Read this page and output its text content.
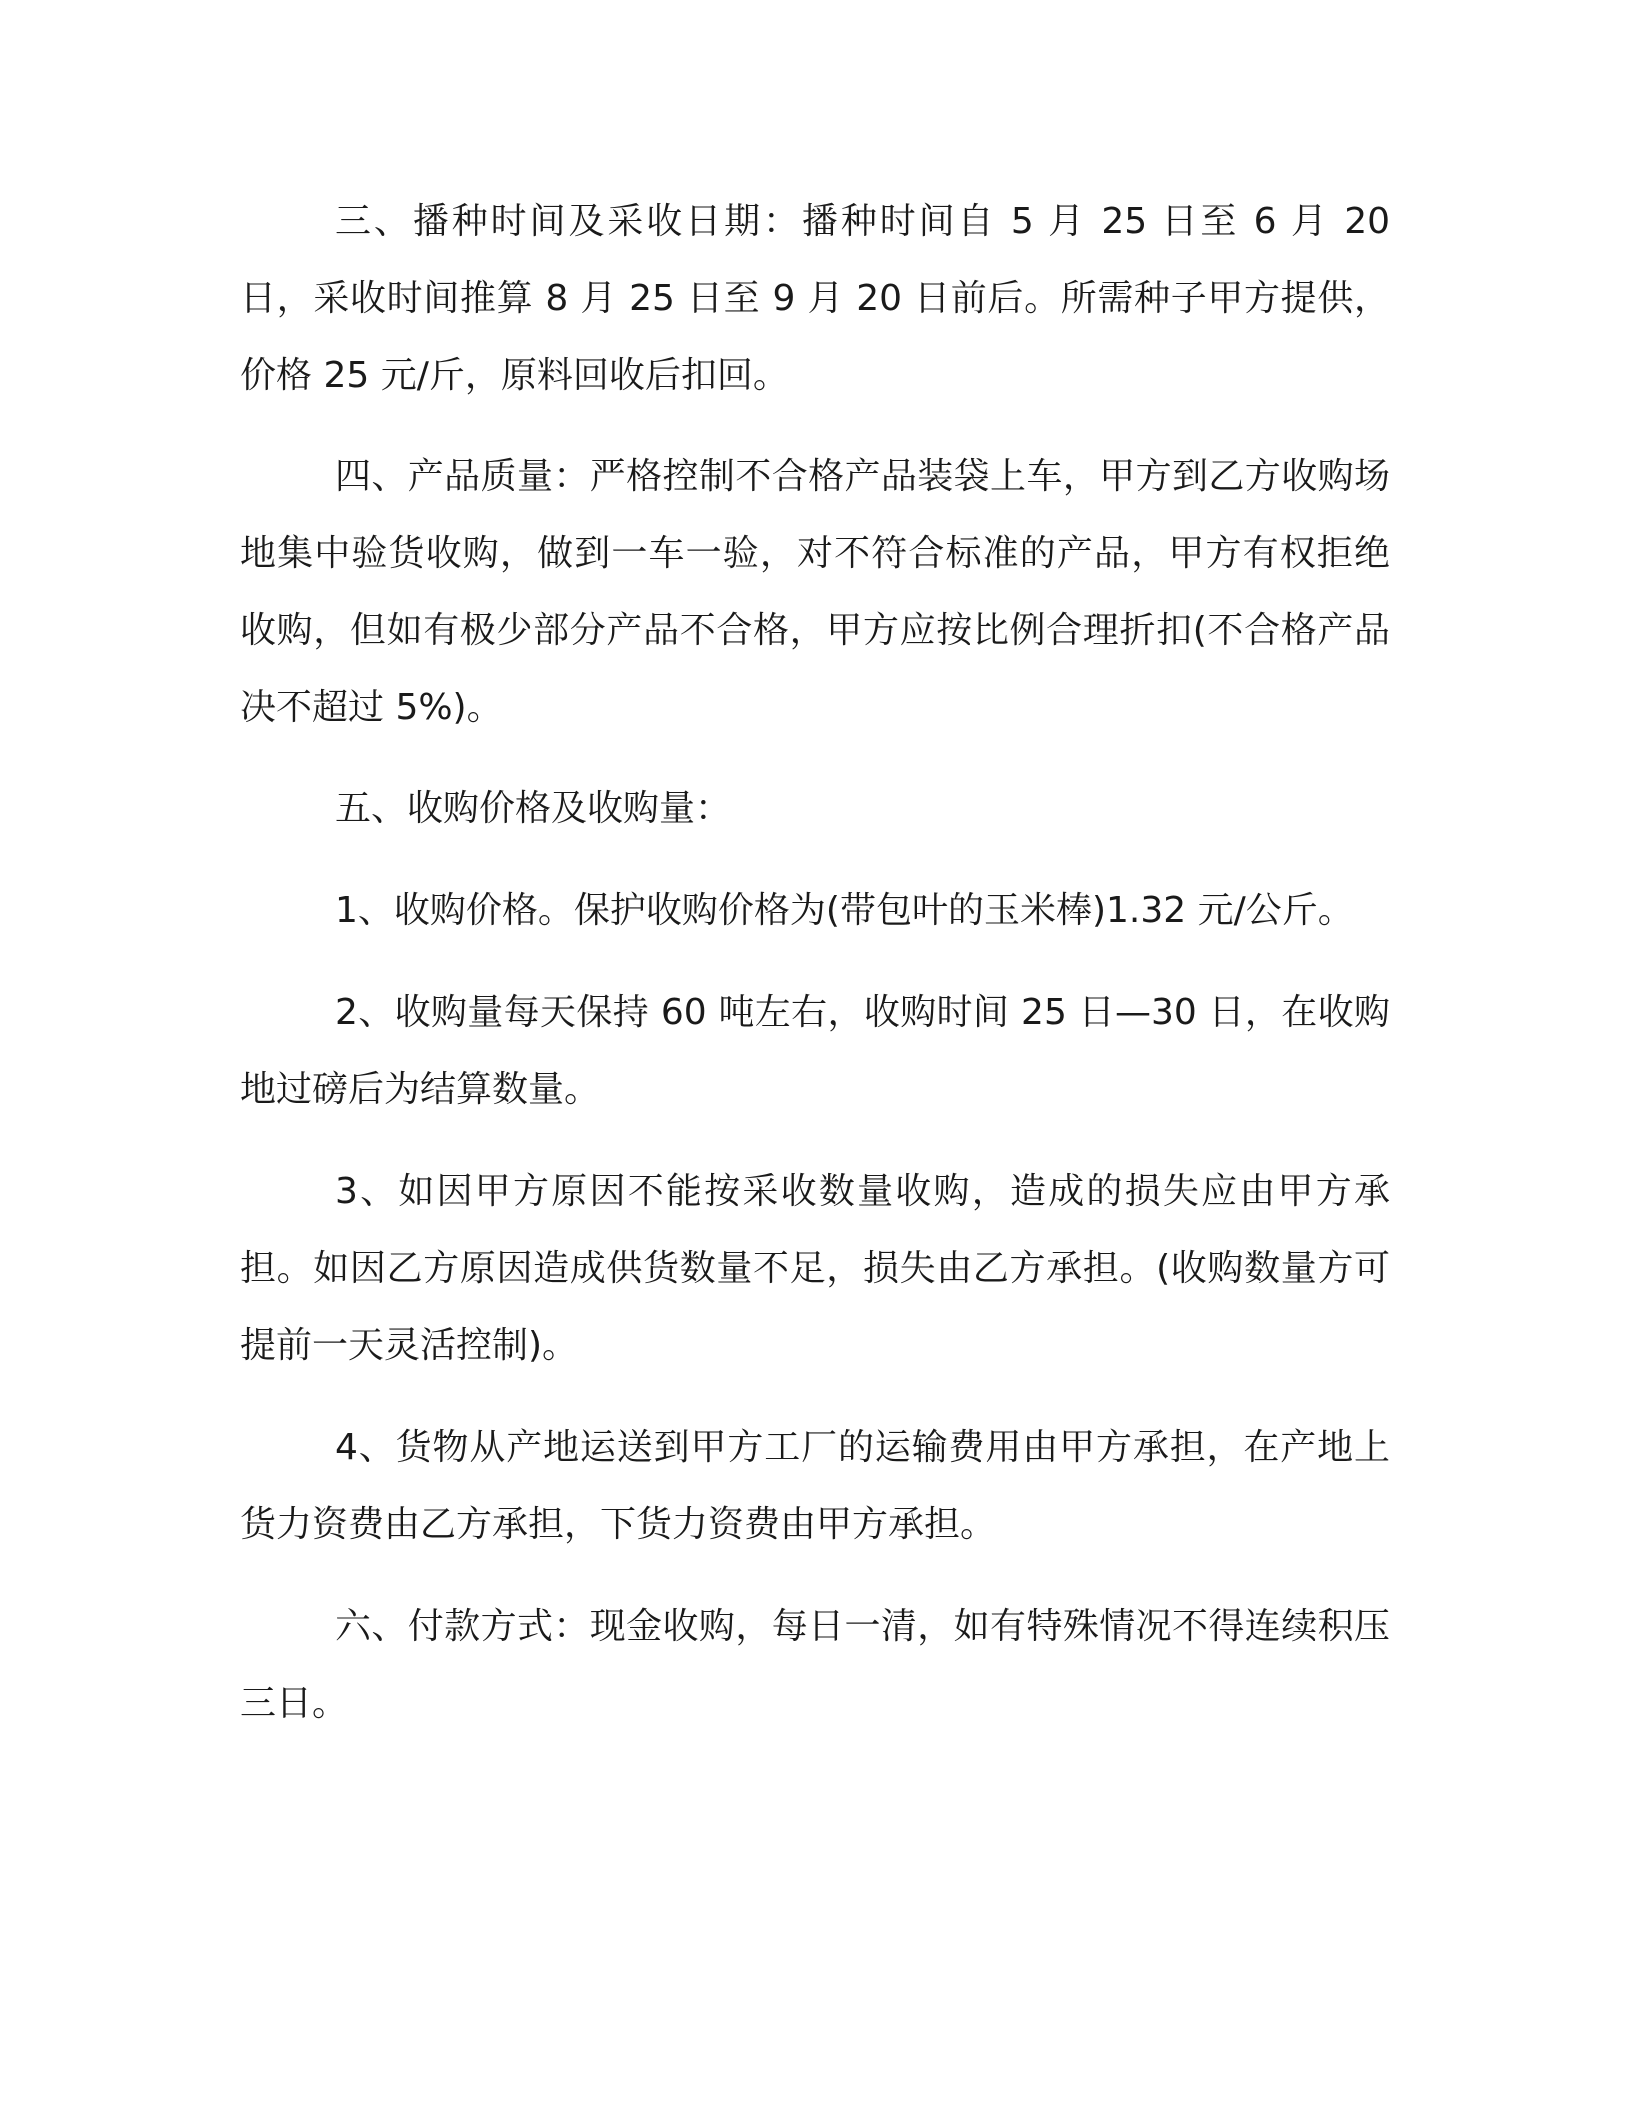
三、播种时间及采收日期：播种时间自 5 月 25 日至 6 月 20 日，采收时间推算 8 月 25 日至 9 月 20 日前后。所需种子甲方提供，价格 25 元/斤，原料回收后扣回。

四、产品质量：严格控制不合格产品装袋上车，甲方到乙方收购场地集中验货收购，做到一车一验，对不符合标准的产品，甲方有权拒绝收购，但如有极少部分产品不合格，甲方应按比例合理折扣(不合格产品决不超过 5%)。

五、收购价格及收购量：

1、收购价格。保护收购价格为(带包叶的玉米棒)1.32 元/公斤。

2、收购量每天保持 60 吨左右，收购时间 25 日—30 日，在收购地过磅后为结算数量。

3、如因甲方原因不能按采收数量收购，造成的损失应由甲方承担。如因乙方原因造成供货数量不足，损失由乙方承担。(收购数量方可提前一天灵活控制)。

4、货物从产地运送到甲方工厂的运输费用由甲方承担，在产地上货力资费由乙方承担，下货力资费由甲方承担。

六、付款方式：现金收购，每日一清，如有特殊情况不得连续积压三日。
